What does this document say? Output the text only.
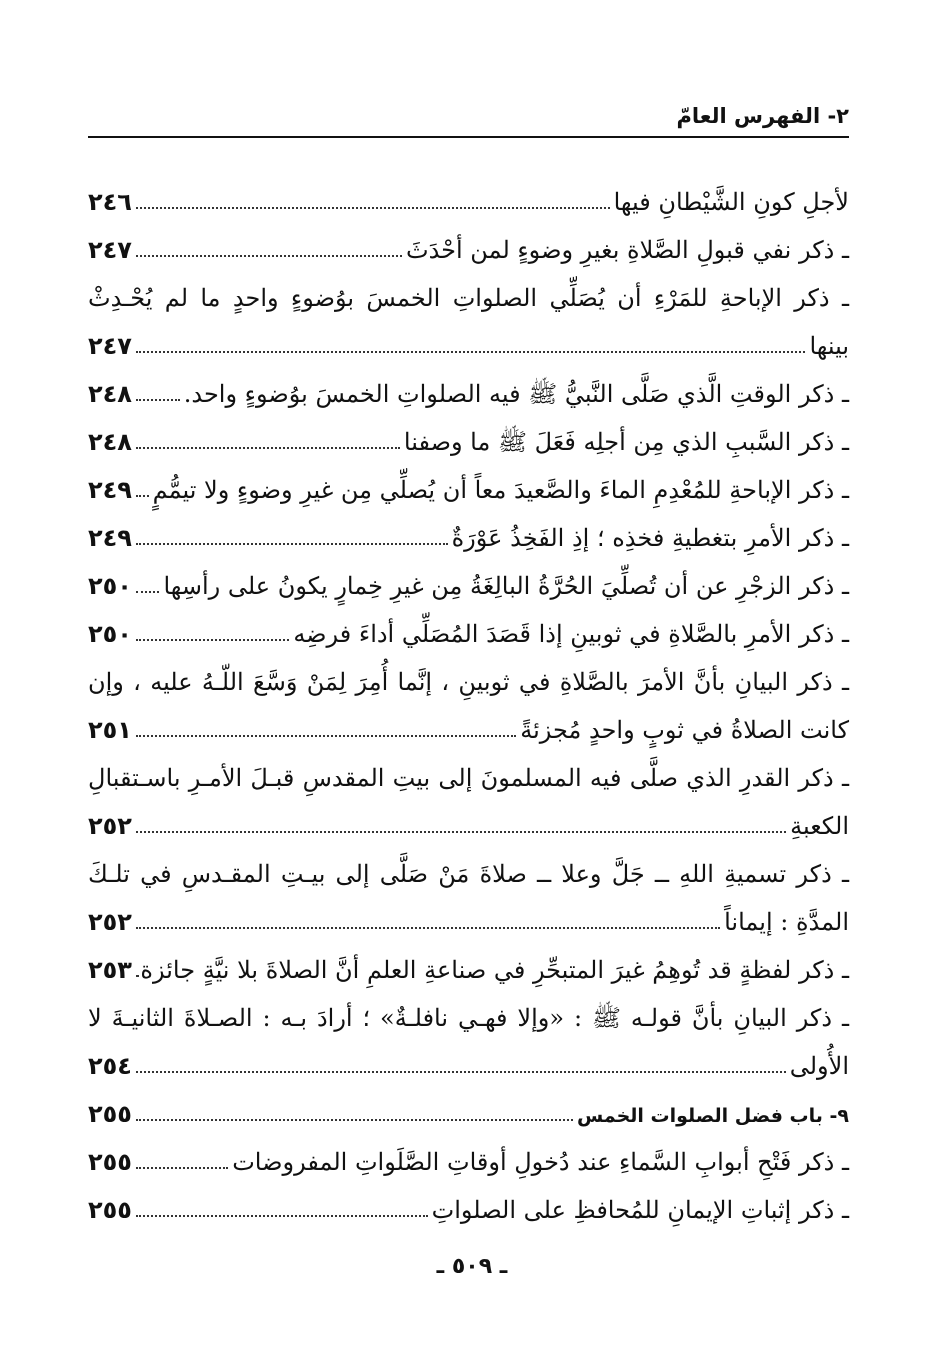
٢- الفهرس العامّ
لأجلِ كونِ الشَّيْطانِ فيها
٢٤٦
ـ ذكر نفي قبولِ الصَّلاةِ بغيرِ وضوءٍ لمن أحْدَثَ
٢٤٧
ـ ذكر الإباحةِ للمَرْءِ أن يُصَلِّي الصلواتِ الخمسَ بوُضوءٍ واحدٍ ما لم يُحْـدِثْ
بينها
٢٤٧
ـ ذكر الوقتِ الَّذي صَلَّى النَّبيُّ ﷺ فيه الصلواتِ الخمسَ بوُضوءٍ واحد.
٢٤٨
ـ ذكر السَّببِ الذي مِن أجلِه فَعَلَ ﷺ ما وصفنا
٢٤٨
ـ ذكر الإباحةِ للمُعْدِمِ الماءَ والصَّعيدَ معاً أن يُصلِّي مِن غيرِ وضوءٍ ولا تيمُّمٍ
٢٤٩
ـ ذكر الأمرِ بتغطيةِ فخذِه ؛ إذِ الفَخِذُ عَوْرَةٌ
٢٤٩
ـ ذكر الزجْرِ عن أن تُصلِّيَ الحُرَّةُ البالِغَةُ مِن غيرِ خِمارٍ يكونُ على رأسِها
٢٥٠
ـ ذكر الأمرِ بالصَّلاةِ في ثوبينِ إذا قَصَدَ المُصَلِّي أداءَ فرضِه
٢٥٠
ـ ذكر البيانِ بأنَّ الأمرَ بالصَّلاةِ في ثوبينِ ، إنَّما أُمِرَ لِمَنْ وَسَّعَ اللّـهُ عليه ، وإن
كانت الصلاةُ في ثوبٍ واحدٍ مُجزئةً
٢٥١
ـ ذكر القدرِ الذي صلَّى فيه المسلمونَ إلى بيتِ المقدسِ قبـلَ الأمـرِ باسـتقبالِ
الكعبةِ
٢٥٢
ـ ذكر تسميةِ اللهِ ــ جَلَّ وعلا ــ صلاةَ مَنْ صَلَّى إلى بيـتِ المقـدسِ في تلـكَ
المدَّةِ : إيماناً
٢٥٢
ـ ذكر لفظةٍ قد تُوهِمُ غيرَ المتبحِّرِ في صناعةِ العلمِ أنَّ الصلاةَ بلا نيَّةٍ جائزة
٢٥٣
ـ ذكر البيانِ بأنَّ قولـه ﷺ : «وإلا فهـي نافلـةٌ» ؛ أرادَ بـه : الصـلاةَ الثانيـةَ لا
الأُولى
٢٥٤
٩- باب فضل الصلوات الخمس
٢٥٥
ـ ذكر فَتْحِ أبوابِ السَّماءِ عند دُخولِ أوقاتِ الصَّلَواتِ المفروضات
٢٥٥
ـ ذكر إثباتِ الإيمانِ للمُحافظِ على الصلواتِ
٢٥٥
ـ ٥٠٩ ـ
